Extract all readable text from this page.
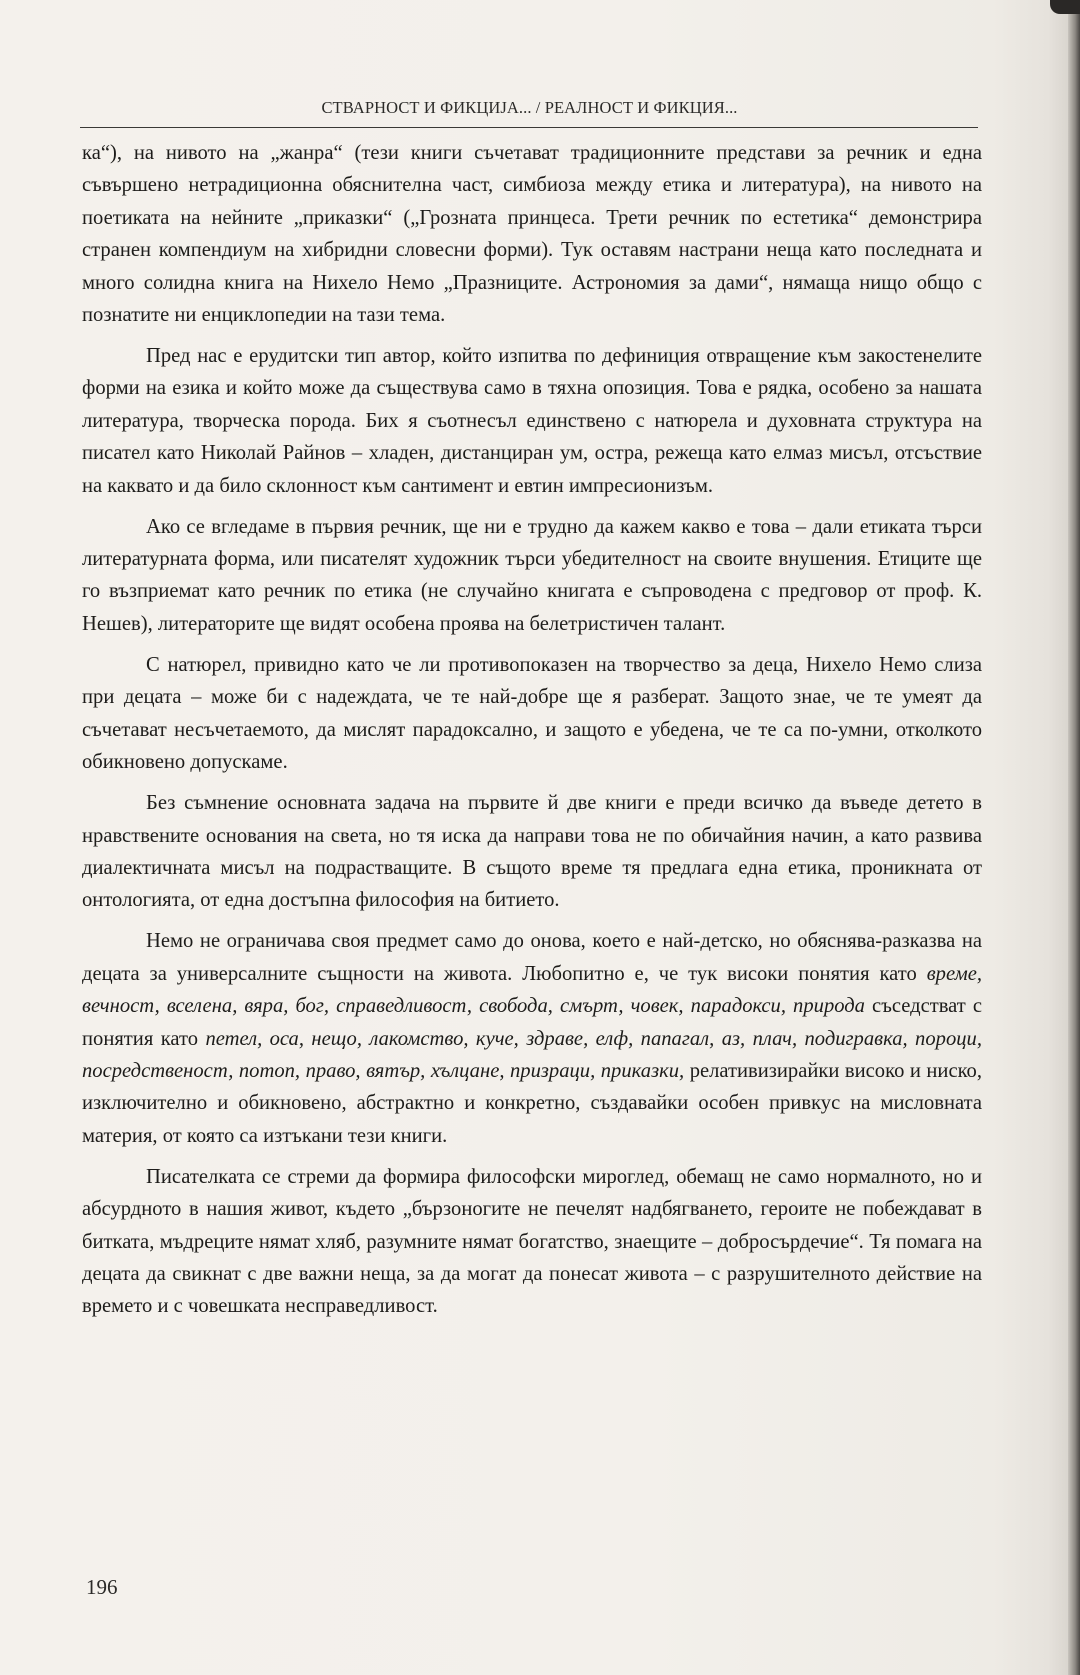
СТВАРНОСТ И ФИКЦИЈА... / РЕАЛНОСТ И ФИКЦИЯ...

ка“), на нивото на „жанра“ (тези книги съчетават традиционните представи за речник и една съвършено нетрадиционна обяснителна част, симбиоза между етика и литература), на нивото на поетиката на нейните „приказки“ („Грозната принцеса. Трети речник по естетика“ демонстрира странен компендиум на хибридни словесни форми). Тук оставям настрани неща като последната и много солидна книга на Нихело Немо „Празниците. Астрономия за дами“, нямаща нищо общо с познатите ни енциклопедии на тази тема.

Пред нас е ерудитски тип автор, който изпитва по дефиниция отвращение към закостенелите форми на езика и който може да съществува само в тяхна опозиция. Това е рядка, особено за нашата литература, творческа порода. Бих я съотнесъл единствено с натюрела и духовната структура на писател като Николай Райнов – хладен, дистанциран ум, остра, режеща като елмаз мисъл, отсъствие на каквато и да било склонност към сантимент и евтин импресионизъм.

Ако се вгледаме в първия речник, ще ни е трудно да кажем какво е това – дали етиката търси литературната форма, или писателят художник търси убедителност на своите внушения. Етиците ще го възприемат като речник по етика (не случайно книгата е съпроводена с предговор от проф. К. Нешев), литераторите ще видят особена проява на белетристичен талант.

С натюрел, привидно като че ли противопоказен на творчество за деца, Нихело Немо слиза при децата – може би с надеждата, че те най-добре ще я разберат. Защото знае, че те умеят да съчетават несъчетаемото, да мислят парадоксално, и защото е убедена, че те са по-умни, отколкото обикновено допускаме.

Без съмнение основната задача на първите й две книги е преди всичко да въведе детето в нравствените основания на света, но тя иска да направи това не по обичайния начин, а като развива диалектичната мисъл на подрастващите. В същото време тя предлага една етика, проникната от онтологията, от една достъпна философия на битието.

Немо не ограничава своя предмет само до онова, което е най-детско, но обяснява-разказва на децата за универсалните същности на живота. Любопитно е, че тук високи понятия като време, вечност, вселена, вяра, бог, справедливост, свобода, смърт, човек, парадокси, природа съседстват с понятия като петел, оса, нещо, лакомство, куче, здраве, елф, папагал, аз, плач, подигравка, пороци, посредственост, потоп, право, вятър, хълцане, призраци, приказки, релативизирайки високо и ниско, изключително и обикновено, абстрактно и конкретно, създавайки особен привкус на мисловната материя, от която са изтъкани тези книги.

Писателката се стреми да формира философски мироглед, обемащ не само нормалното, но и абсурдното в нашия живот, където „бързоногите не печелят надбягването, героите не побеждават в битката, мъдреците нямат хляб, разумните нямат богатство, знаещите – добросърдечие“. Тя помага на децата да свикнат с две важни неща, за да могат да понесат живота – с разрушителното действие на времето и с човешката несправедливост.

196
